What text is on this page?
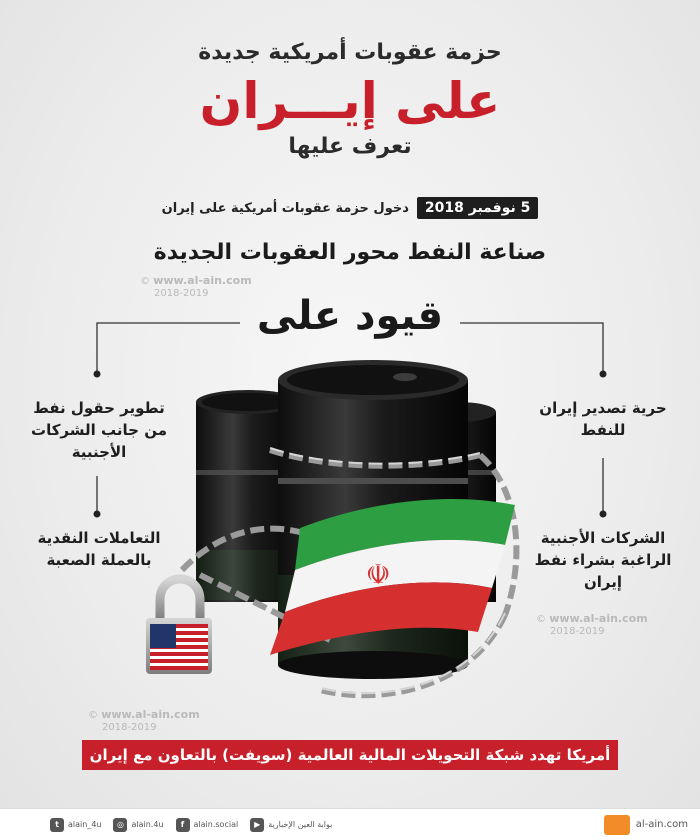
حزمة عقوبات أمريكية جديدة
على إيـــران
تعرف عليها
5 نوفمبر 2018
دخول حزمة عقوبات أمريكية على إيران
صناعة النفط محور العقوبات الجديدة
© www.al-ain.com
2018-2019
☫
قيود على
تطوير حقول نفط
من جانب الشركات
الأجنبية
التعاملات النقدية
بالعملة الصعبة
حرية تصدير إيران
للنفط
الشركات الأجنبية
الراغبة بشراء نفط
إيران
© www.al-ain.com
2018-2019
© www.al-ain.com
2018-2019
أمريكا تهدد شبكة التحويلات المالية العالمية (سويفت) بالتعاون مع إيران
t	alain_4u	◎ alain.4u	f	alain.social	▶ بوابة العين الإخبارية	al-ain.com
